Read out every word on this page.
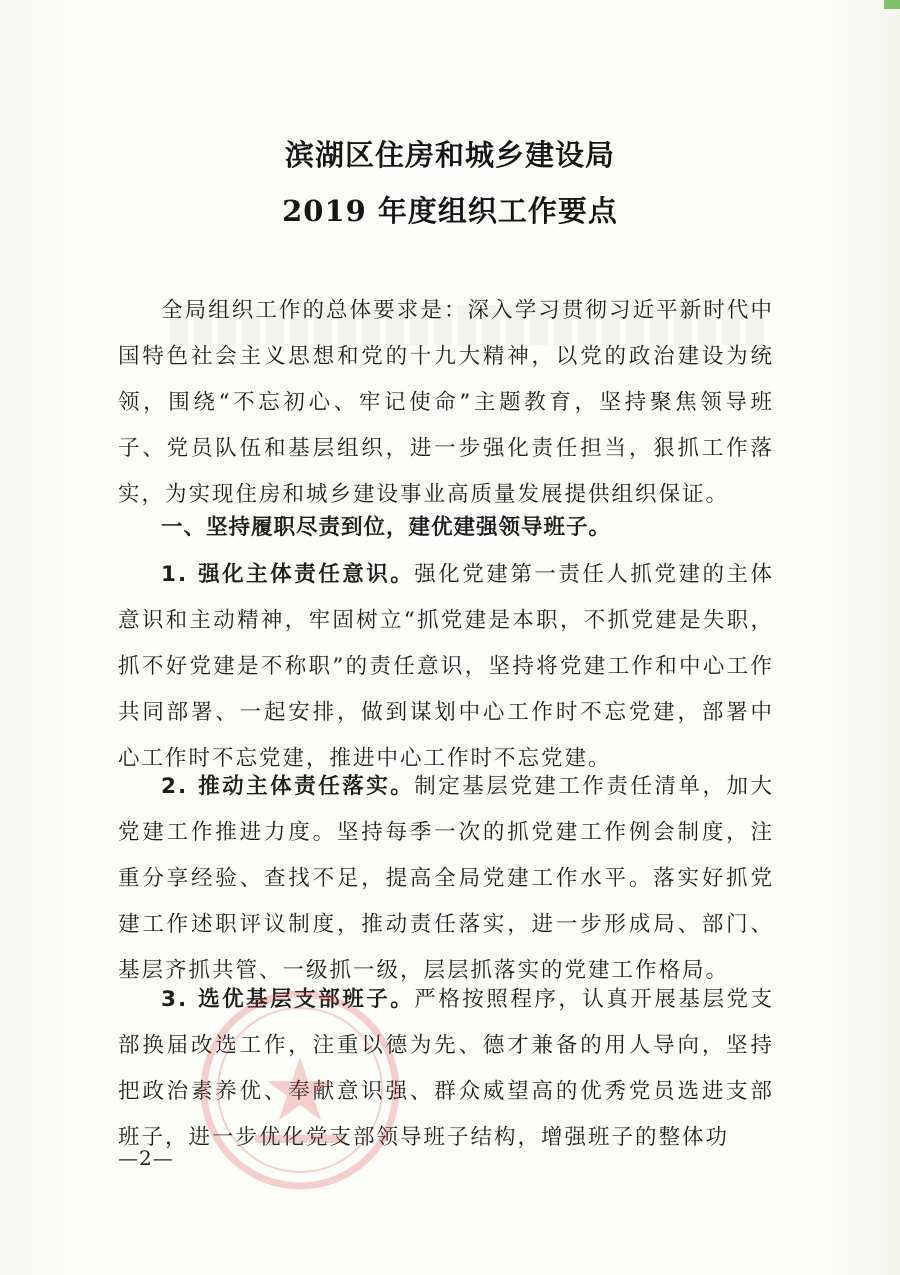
滨湖区住房和城乡建设局
2019 年度组织工作要点

全局组织工作的总体要求是：深入学习贯彻习近平新时代中国特色社会主义思想和党的十九大精神，以党的政治建设为统领，围绕“不忘初心、牢记使命”主题教育，坚持聚焦领导班子、党员队伍和基层组织，进一步强化责任担当，狠抓工作落实，为实现住房和城乡建设事业高质量发展提供组织保证。

一、坚持履职尽责到位，建优建强领导班子。

1. 强化主体责任意识。强化党建第一责任人抓党建的主体意识和主动精神，牢固树立“抓党建是本职，不抓党建是失职，抓不好党建是不称职”的责任意识，坚持将党建工作和中心工作共同部署、一起安排，做到谋划中心工作时不忘党建，部署中心工作时不忘党建，推进中心工作时不忘党建。

2. 推动主体责任落实。制定基层党建工作责任清单，加大党建工作推进力度。坚持每季一次的抓党建工作例会制度，注重分享经验、查找不足，提高全局党建工作水平。落实好抓党建工作述职评议制度，推动责任落实，进一步形成局、部门、基层齐抓共管、一级抓一级，层层抓落实的党建工作格局。

3. 选优基层支部班子。严格按照程序，认真开展基层党支部换届改选工作，注重以德为先、德才兼备的用人导向，坚持把政治素养优、奉献意识强、群众威望高的优秀党员选进支部班子，进一步优化党支部领导班子结构，增强班子的整体功

—2—
